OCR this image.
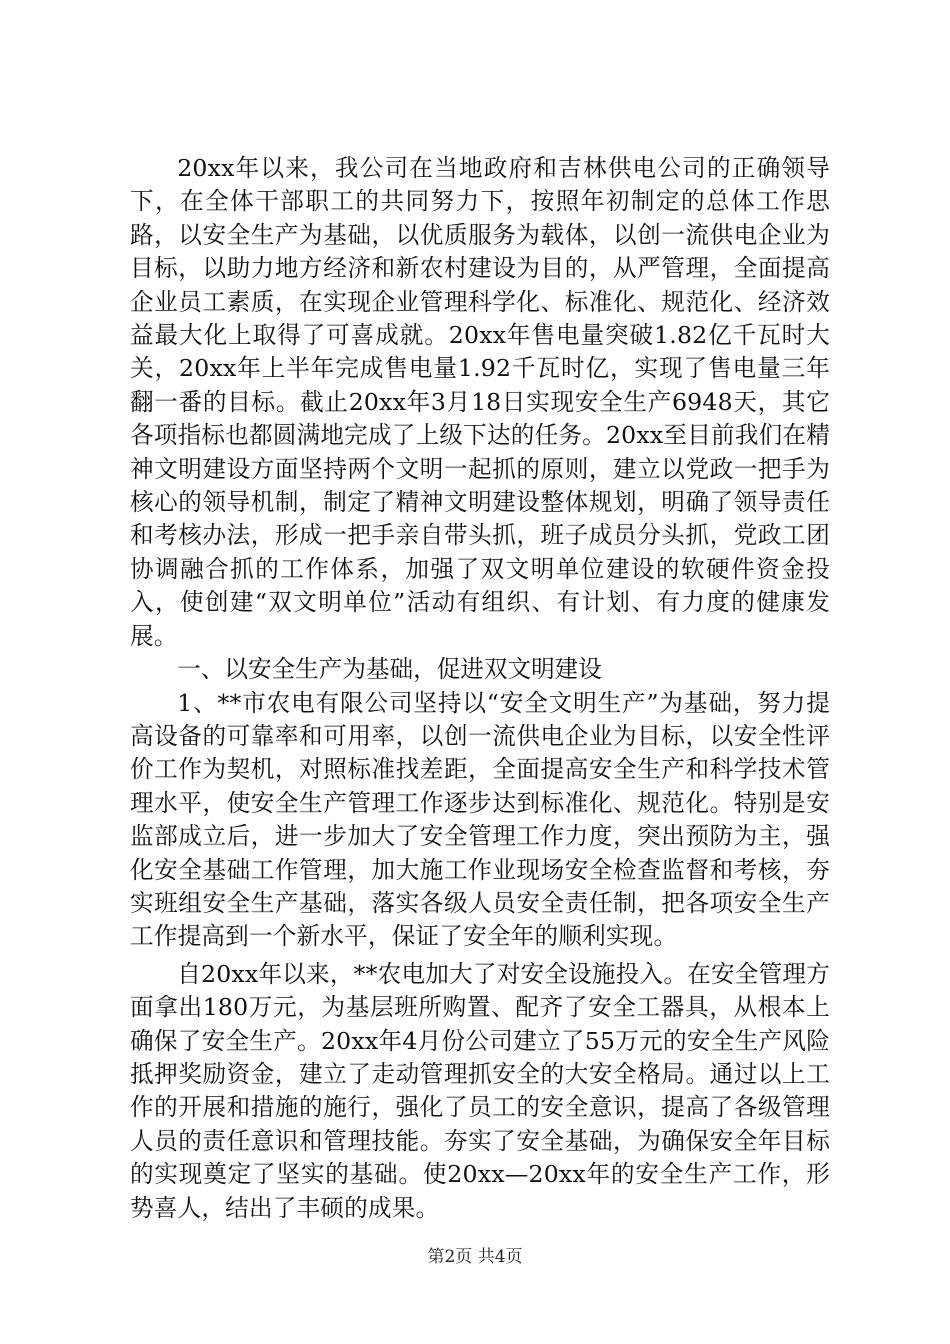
20xx年以来，我公司在当地政府和吉林供电公司的正确领导下，在全体干部职工的共同努力下，按照年初制定的总体工作思路，以安全生产为基础，以优质服务为载体，以创一流供电企业为目标，以助力地方经济和新农村建设为目的，从严管理，全面提高企业员工素质，在实现企业管理科学化、标准化、规范化、经济效益最大化上取得了可喜成就。20xx年售电量突破1.82亿千瓦时大关，20xx年上半年完成售电量1.92千瓦时亿，实现了售电量三年翻一番的目标。截止20xx年3月18日实现安全生产6948天，其它各项指标也都圆满地完成了上级下达的任务。20xx至目前我们在精神文明建设方面坚持两个文明一起抓的原则，建立以党政一把手为核心的领导机制，制定了精神文明建设整体规划，明确了领导责任和考核办法，形成一把手亲自带头抓，班子成员分头抓，党政工团协调融合抓的工作体系，加强了双文明单位建设的软硬件资金投入，使创建“双文明单位”活动有组织、有计划、有力度的健康发展。

一、以安全生产为基础，促进双文明建设

1、**市农电有限公司坚持以“安全文明生产”为基础，努力提高设备的可靠率和可用率，以创一流供电企业为目标，以安全性评价工作为契机，对照标准找差距，全面提高安全生产和科学技术管理水平，使安全生产管理工作逐步达到标准化、规范化。特别是安监部成立后，进一步加大了安全管理工作力度，突出预防为主，强化安全基础工作管理，加大施工作业现场安全检查监督和考核，夯实班组安全生产基础，落实各级人员安全责任制，把各项安全生产工作提高到一个新水平，保证了安全年的顺利实现。

自20xx年以来，**农电加大了对安全设施投入。在安全管理方面拿出180万元，为基层班所购置、配齐了安全工器具，从根本上确保了安全生产。20xx年4月份公司建立了55万元的安全生产风险抵押奖励资金，建立了走动管理抓安全的大安全格局。通过以上工作的开展和措施的施行，强化了员工的安全意识，提高了各级管理人员的责任意识和管理技能。夯实了安全基础，为确保安全年目标的实现奠定了坚实的基础。使20xx—20xx年的安全生产工作，形势喜人，结出了丰硕的成果。

第2页 共4页
